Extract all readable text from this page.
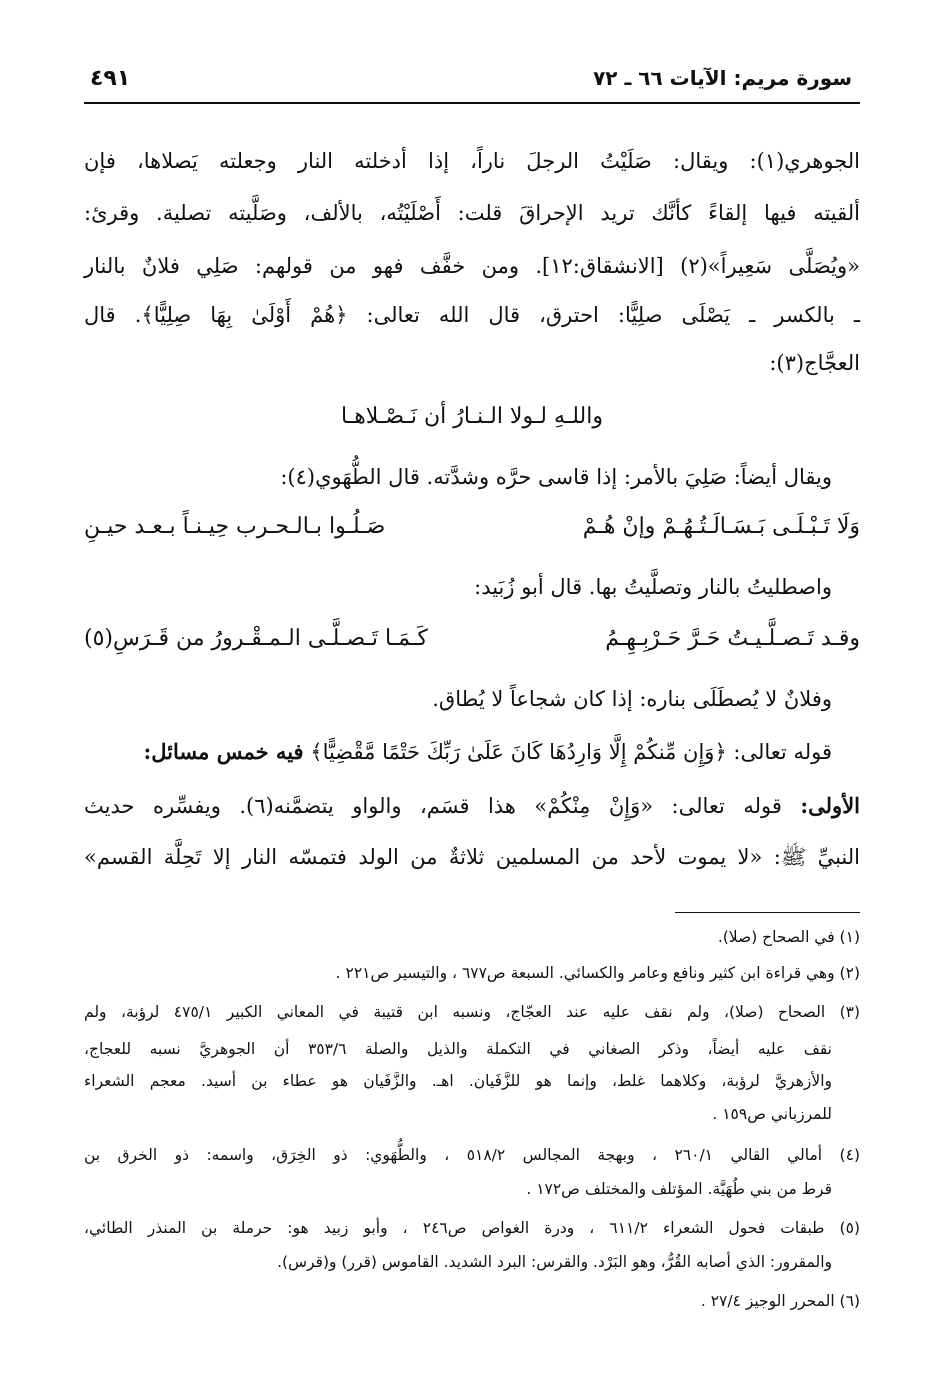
سورة مريم: الآيات ٦٦ ـ ٧٢
٤٩١
الجوهري(١): ويقال: صَلَيْتُ الرجلَ ناراً، إذا أدخلته النار وجعلته يَصلاها، فإن
ألقيته فيها إلقاءً كأنَّك تريد الإحراقَ قلت: أَصْلَيْتُه، بالألف، وصَلَّيته تصلية. وقرئ:
«ويُصَلَّى سَعِيراً»(٢) [الانشقاق:١٢]. ومن خفَّف فهو من قولهم: صَلِي فلانٌ بالنار
ـ بالكسر ـ يَصْلَى صلِيًّا: احترق، قال الله تعالى: ﴿هُمْ أَوْلَىٰ بِهَا صِلِيًّا﴾. قال
العجَّاج(٣):
واللـهِ لـولا الـنـارُ أن نَـصْـلاهـا
ويقال أيضاً: صَلِيَ بالأمر: إذا قاسى حرَّه وشدَّته. قال الطُّهَوي(٤):
وَلَا تَـبْـلَـى بَـسَـالَـتُـهُـمْ وإنْ هُـمْ
صَـلُـوا بـالـحـرب حِيـنـاً بـعـد حيـنِ
واصطليتُ بالنار وتصلَّيتُ بها. قال أبو زُبَيد:
وقـد تَـصـلَّـيـتُ حَـرَّ حَـرْبِـهِـمُ
كَـمَـا تَـصـلَّـى الـمـقْـرورُ من قَـرَسِ(٥)
وفلانٌ لا يُصطَلَى بناره: إذا كان شجاعاً لا يُطاق.
قوله تعالى: ﴿وَإِن مِّنكُمْ إِلَّا وَارِدُهَا كَانَ عَلَىٰ رَبِّكَ حَتْمًا مَّقْضِيًّا﴾ فيه خمس مسائل:
الأولى: قوله تعالى: «وَإِنْ مِنْكُمْ» هذا قسَم، والواو يتضمَّنه(٦). ويفسِّره حديث
النبيِّ ﷺ: «لا يموت لأحد من المسلمين ثلاثةٌ من الولد فتمسّه النار إلا تَحِلَّة القسم»
(١) في الصحاح (صلا).
(٢) وهي قراءة ابن كثير ونافع وعامر والكسائي. السبعة ص٦٧٧ ، والتيسير ص٢٢١ .
(٣) الصحاح (صلا)، ولم نقف عليه عند العجّاج، ونسبه ابن قتيبة في المعاني الكبير ٤٧٥/١ لرؤبة، ولم
نقف عليه أيضاً، وذكر الصغاني في التكملة والذيل والصلة ٣٥٣/٦ أن الجوهريَّ نسبه للعجاج،
والأزهريَّ لرؤبة، وكلاهما غلط، وإنما هو للزَّفَيان. اهـ. والزَّفَيان هو عطاء بن أسيد. معجم الشعراء
للمرزباني ص١٥٩ .
(٤) أمالي القالي ٢٦٠/١ ، وبهجة المجالس ٥١٨/٢ ، والطُّهَوي: ذو الخِرَق، واسمه: ذو الخرق بن
قرط من بني طُهَيَّة. المؤتلف والمختلف ص١٧٢ .
(٥) طبقات فحول الشعراء ٦١١/٢ ، ودرة الغواص ص٢٤٦ ، وأبو زبيد هو: حرملة بن المنذر الطائي،
والمقرور: الذي أصابه القُرُّ، وهو البَرْد. والقرس: البرد الشديد. القاموس (قرر) و(قرس).
(٦) المحرر الوجيز ٢٧/٤ .
